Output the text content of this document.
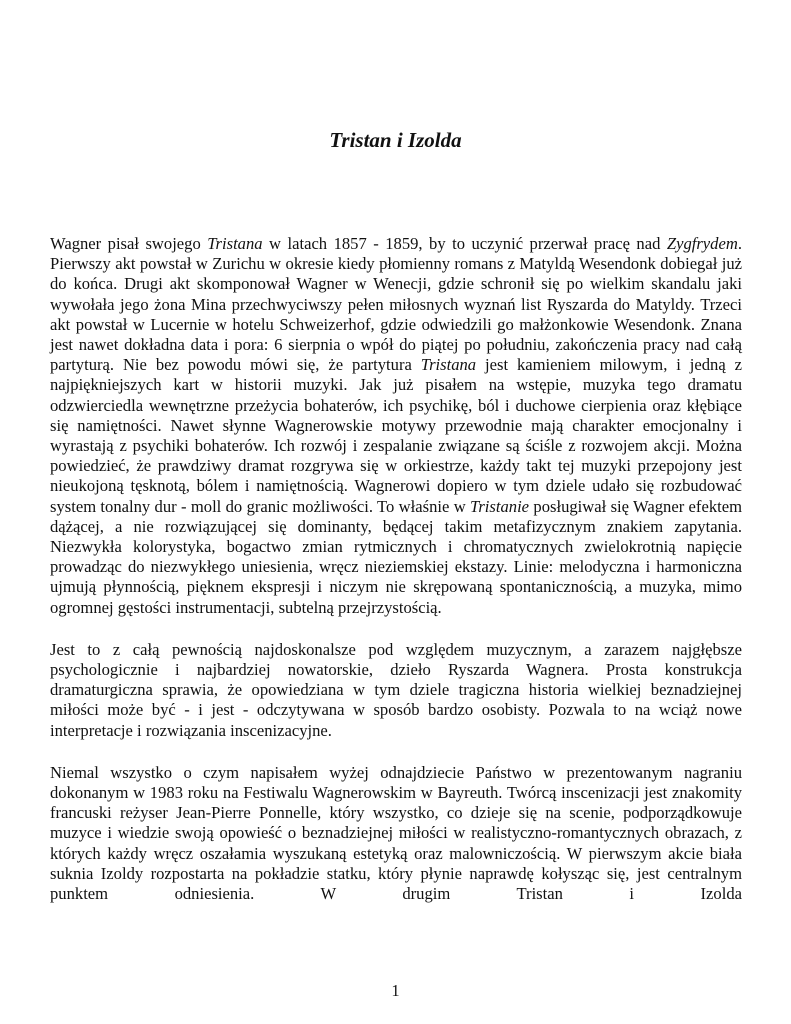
Tristan i Izolda

Wagner pisał swojego Tristana w latach 1857 - 1859, by to uczynić przerwał pracę nad Zygfrydem. Pierwszy akt powstał w Zurichu w okresie kiedy płomienny romans z Matyldą Wesendonk dobiegał już do końca. Drugi akt skomponował Wagner w Wenecji, gdzie schronił się po wielkim skandalu jaki wywołała jego żona Mina przechwyciwszy pełen miłosnych wyznań list Ryszarda do Matyldy. Trzeci akt powstał w Lucernie w hotelu Schweizerhof, gdzie odwiedzili go małżonkowie Wesendonk. Znana jest nawet dokładna data i pora: 6 sierpnia o wpół do piątej po południu, zakończenia pracy nad całą partyturą. Nie bez powodu mówi się, że partytura Tristana jest kamieniem milowym, i jedną z najpiękniejszych kart w historii muzyki. Jak już pisałem na wstępie, muzyka tego dramatu odzwierciedla wewnętrzne przeżycia bohaterów, ich psychikę, ból i duchowe cierpienia oraz kłębiące się namiętności. Nawet słynne Wagnerowskie motywy przewodnie mają charakter emocjonalny i wyrastają z psychiki bohaterów. Ich rozwój i zespalanie związane są ściśle z rozwojem akcji. Można powiedzieć, że prawdziwy dramat rozgrywa się w orkiestrze, każdy takt tej muzyki przepojony jest nieukojoną tęsknotą, bólem i namiętnością. Wagnerowi dopiero w tym dziele udało się rozbudować system tonalny dur - moll do granic możliwości. To właśnie w Tristanie posługiwał się Wagner efektem dążącej, a nie rozwiązującej się dominanty, będącej takim metafizycznym znakiem zapytania. Niezwykła kolorystyka, bogactwo zmian rytmicznych i chromatycznych zwielokrotnią napięcie prowadząc do niezwykłego uniesienia, wręcz nieziemskiej ekstazy. Linie: melodyczna i harmoniczna ujmują płynnością, pięknem ekspresji i niczym nie skrępowaną spontanicznością, a muzyka, mimo ogromnej gęstości instrumentacji, subtelną przejrzystością.

Jest to z całą pewnością najdoskonalsze pod względem muzycznym, a zarazem najgłębsze psychologicznie i najbardziej nowatorskie, dzieło Ryszarda Wagnera. Prosta konstrukcja dramaturgiczna sprawia, że opowiedziana w tym dziele tragiczna historia wielkiej beznadziejnej miłości może być - i jest - odczytywana w sposób bardzo osobisty. Pozwala to na wciąż nowe interpretacje i rozwiązania inscenizacyjne.

Niemal wszystko o czym napisałem wyżej odnajdziecie Państwo w prezentowanym nagraniu dokonanym w 1983 roku na Festiwalu Wagnerowskim w Bayreuth. Twórcą inscenizacji jest znakomity francuski reżyser Jean-Pierre Ponnelle, który wszystko, co dzieje się na scenie, podporządkowuje muzyce i wiedzie swoją opowieść o beznadziejnej miłości w realistyczno-romantycznych obrazach, z których każdy wręcz oszałamia wyszukaną estetyką oraz malowniczością. W pierwszym akcie biała suknia Izoldy rozpostarta na pokładzie statku, który płynie naprawdę kołysząc się, jest centralnym punktem odniesienia. W drugim Tristan i Izolda

1
